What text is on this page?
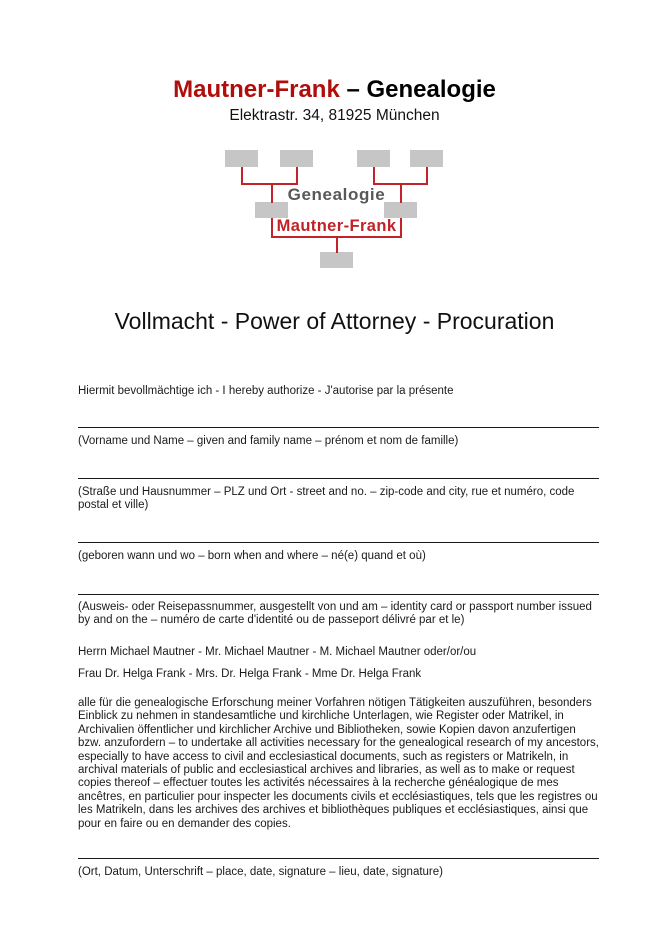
Mautner-Frank – Genealogie
Elektrastr. 34, 81925 München
Genealogie
Mautner-Frank
Vollmacht - Power of Attorney - Procuration
Hiermit bevollmächtige ich - I hereby authorize - J'autorise par la présente
(Vorname und Name – given and family name – prénom et nom de famille)
(Straße und Hausnummer – PLZ und Ort - street and no. – zip-code and city, rue et numéro, code postal et ville)
(geboren wann und wo – born when and where – né(e) quand et où)
(Ausweis- oder Reisepassnummer, ausgestellt von und am – identity card or passport number issued by and on the – numéro de carte d'identité ou de passeport délivré par et le)
Herrn Michael Mautner - Mr. Michael Mautner - M. Michael Mautner oder/or/ou
Frau Dr. Helga Frank - Mrs. Dr. Helga Frank - Mme Dr. Helga Frank
alle für die genealogische Erforschung meiner Vorfahren nötigen Tätigkeiten auszuführen, besonders Einblick zu nehmen in standesamtliche und kirchliche Unterlagen, wie Register oder Matrikel, in Archivalien öffentlicher und kirchlicher Archive und Bibliotheken, sowie Kopien davon anzufertigen bzw. anzufordern – to undertake all activities necessary for the genealogical research of my ancestors, especially to have access to civil and ecclesiastical documents, such as registers or Matrikeln, in archival materials of public and ecclesiastical archives and libraries, as well as to make or request copies thereof – effectuer toutes les activités nécessaires à la recherche généalogique de mes ancêtres, en particulier pour inspecter les documents civils et ecclésiastiques, tels que les registres ou les Matrikeln, dans les archives des archives et bibliothèques publiques et ecclésiastiques, ainsi que pour en faire ou en demander des copies.
(Ort, Datum, Unterschrift – place, date, signature – lieu, date, signature)
